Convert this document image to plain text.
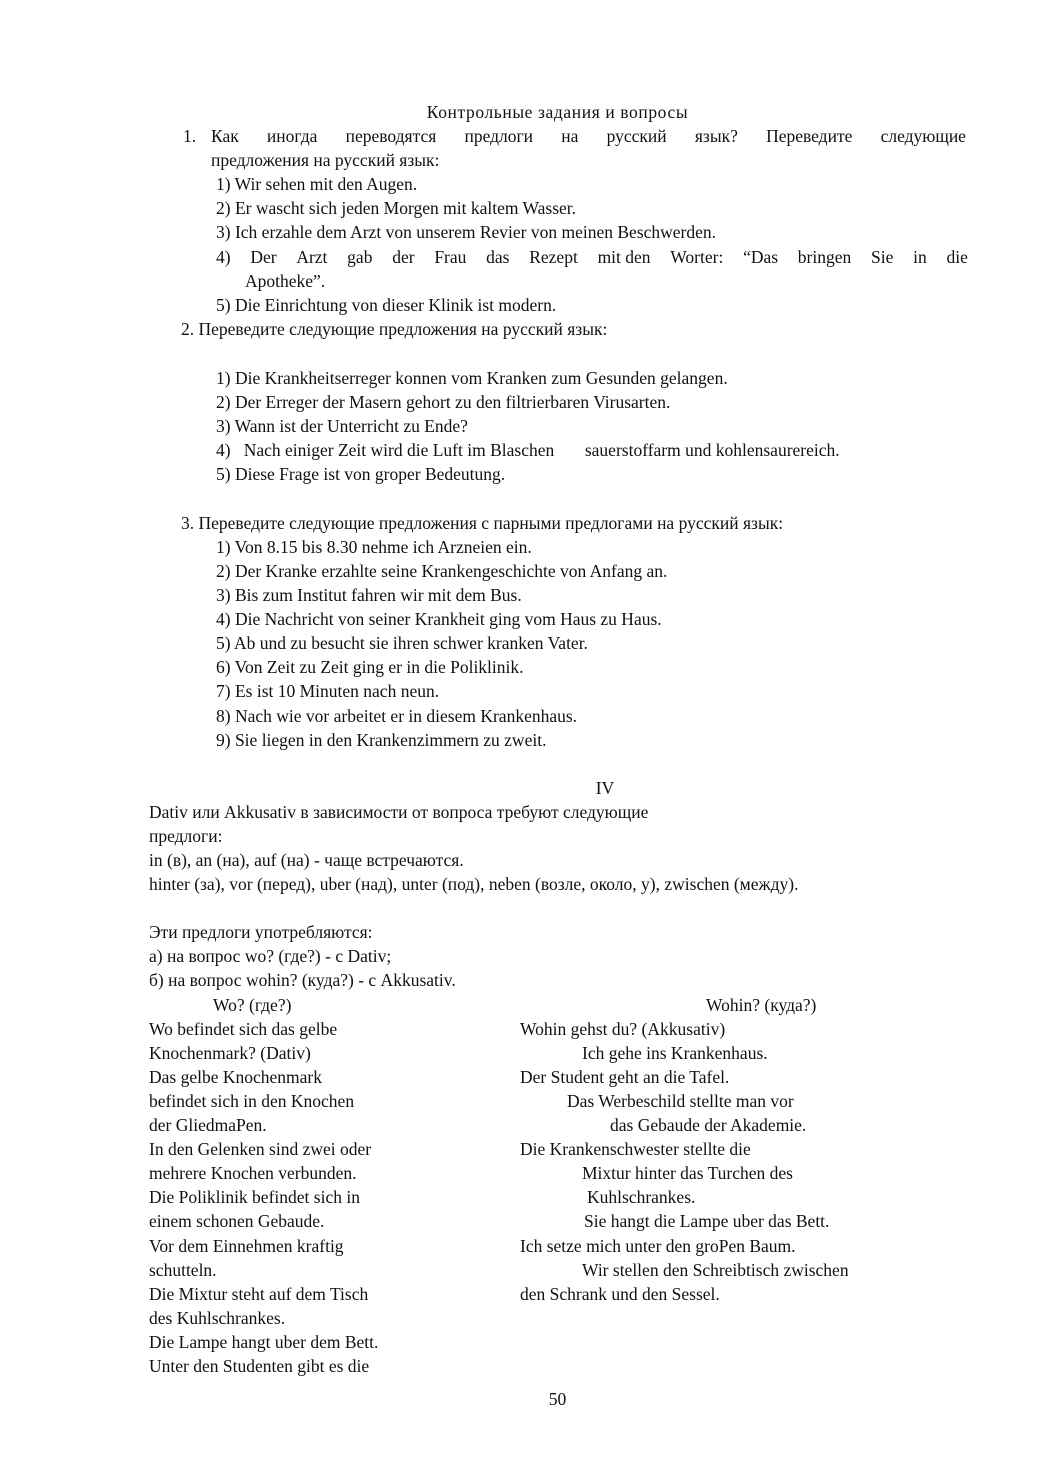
Контрольные задания и вопросы
1. Как иногда переводятся предлоги на русский язык? Переведите следующие
предложения на русский язык:
1) Wir sehen mit den Augen.
2) Er wascht sich jeden Morgen mit kaltem Wasser.
3) Ich erzahle dem Arzt von unserem Revier von meinen Beschwerden.
4) Der Arzt gab der Frau das Rezept mit den Worter: “Das bringen Sie in die
Apotheke”.
5) Die Einrichtung von dieser Klinik ist modern.
2. Переведите следующие предложения на русский язык:
1) Die Krankheitserreger konnen vom Kranken zum Gesunden gelangen.
2) Der Erreger der Masern gehort zu den filtrierbaren Virusarten.
3) Wann ist der Unterricht zu Ende?
4)   Nach einiger Zeit wird die Luft im Blaschen       sauerstoffarm und kohlensaurereich.
5) Diese Frage ist von groper Bedeutung.
3. Переведите следующие предложения с парными предлогами на русский язык:
1) Von 8.15 bis 8.30 nehme ich Arzneien ein.
2) Der Kranke erzahlte seine Krankengeschichte von Anfang an.
3) Bis zum Institut fahren wir mit dem Bus.
4) Die Nachricht von seiner Krankheit ging vom Haus zu Haus.
5) Ab und zu besucht sie ihren schwer kranken Vater.
6) Von Zeit zu Zeit ging er in die Poliklinik.
7) Es ist 10 Minuten nach neun.
8) Nach wie vor arbeitet er in diesem Krankenhaus.
9) Sie liegen in den Krankenzimmern zu zweit.
IV
Dativ или Akkusativ в зависимости от вопроса требуют следующие
предлоги:
in (в), an (на), auf (на) - чаще встречаются.
hinter (за), vor (перед), uber (над), unter (под), neben (возле, около, у), zwischen (между).
Эти предлоги употребляются:
а) на вопрос wo? (где?) - с Dativ;
б) на вопрос wohin? (куда?) - с Akkusativ.
Wo? (где?)	Wohin? (куда?)
Wo befindet sich das gelbe
Knochenmark? (Dativ)
Das gelbe Knochenmark
befindet sich in den Knochen
der GliedmaPen.
In den Gelenken sind zwei oder
mehrere Knochen verbunden.
Die Poliklinik befindet sich in
einem schonen Gebaude.
Vor dem Einnehmen kraftig
schutteln.
Die Mixtur steht auf dem Tisch
des Kuhlschrankes.
Die Lampe hangt uber dem Bett.
Unter den Studenten gibt es die
Wohin gehst du? (Akkusativ)
Ich gehe ins Krankenhaus.
Der Student geht an die Tafel.
Das Werbeschild stellte man vor
das Gebaude der Akademie.
Die Krankenschwester stellte die
Mixtur hinter das Turchen des
Kuhlschrankes.
Sie hangt die Lampe uber das Bett.
Ich setze mich unter den groPen Baum.
Wir stellen den Schreibtisch zwischen
den Schrank und den Sessel.
50
